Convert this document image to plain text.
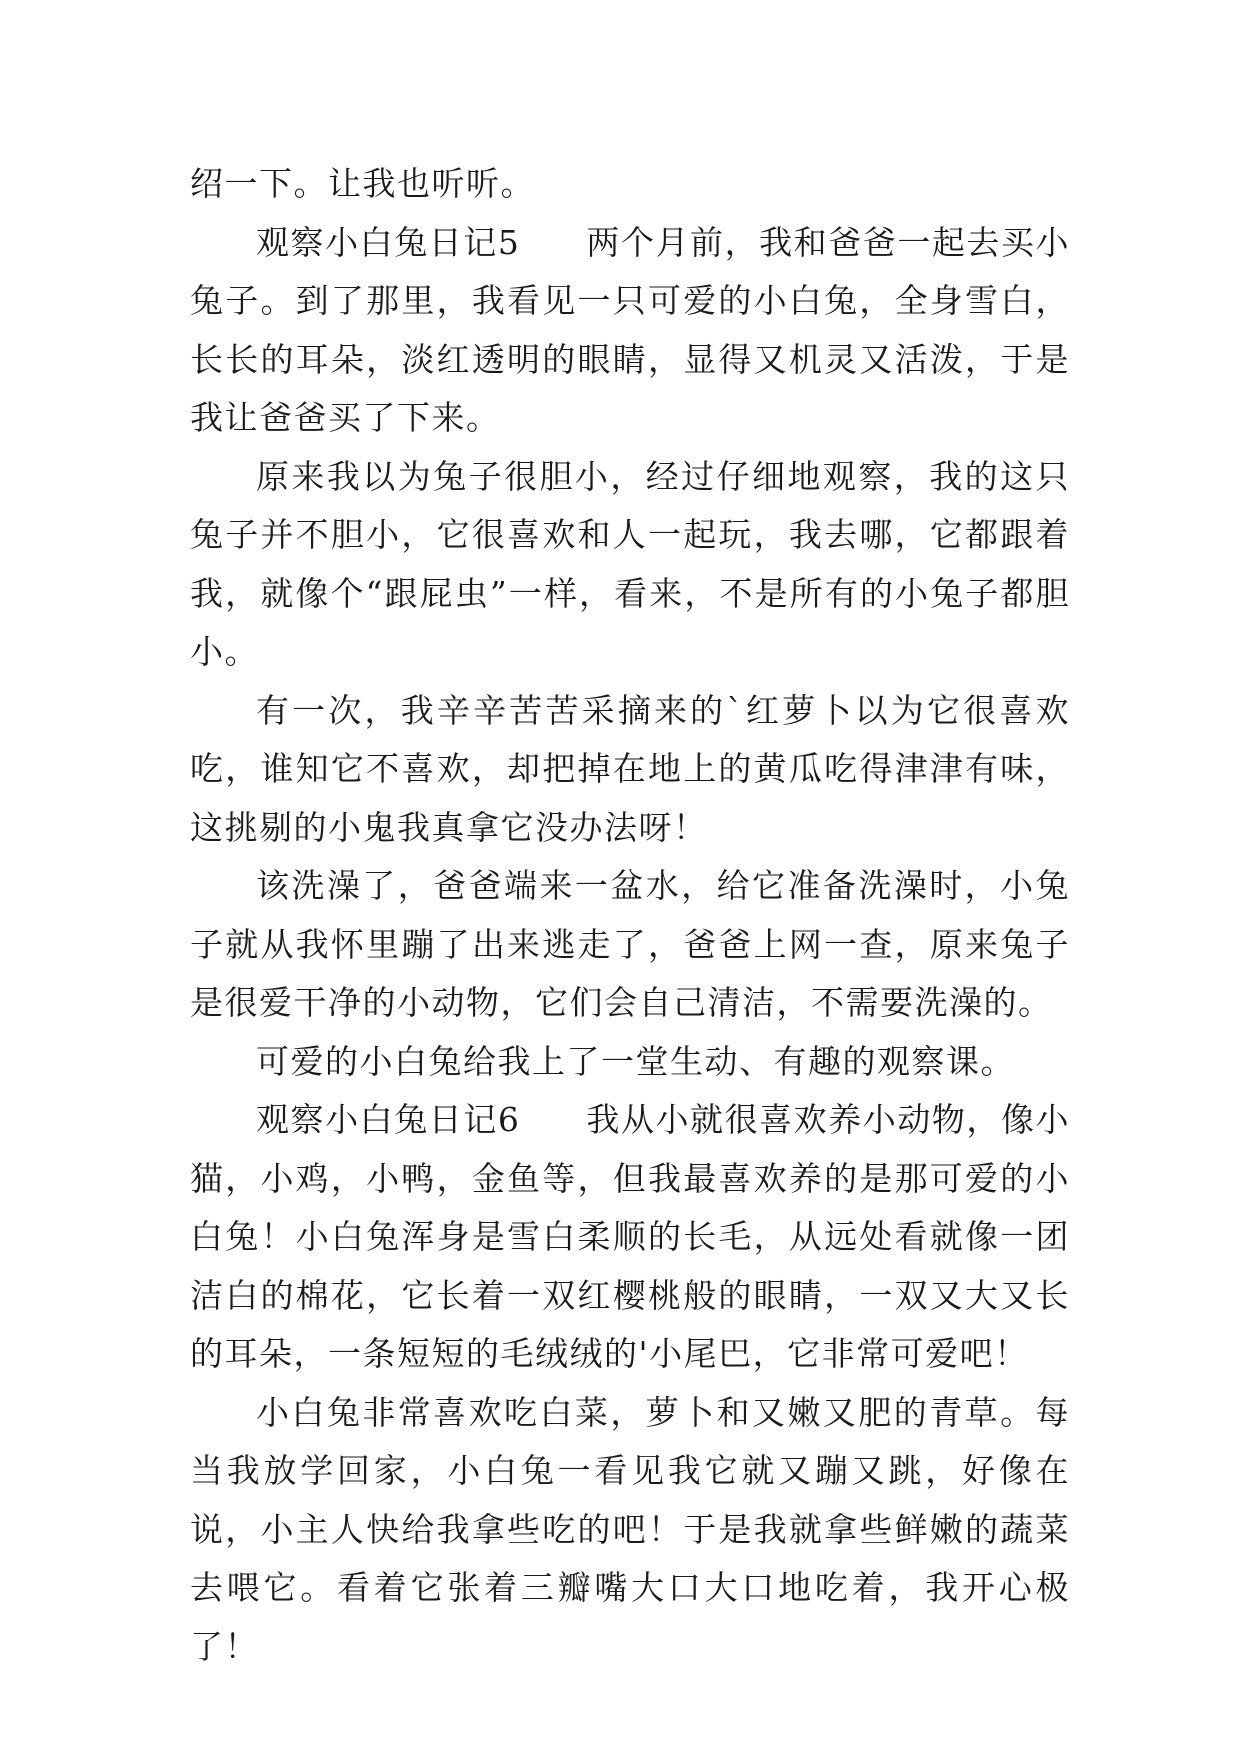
绍一下。让我也听听。

观察小白兔日记5 两个月前，我和爸爸一起去买小兔子。到了那里，我看见一只可爱的小白兔，全身雪白，长长的耳朵，淡红透明的眼睛，显得又机灵又活泼，于是我让爸爸买了下来。

原来我以为兔子很胆小，经过仔细地观察，我的这只兔子并不胆小，它很喜欢和人一起玩，我去哪，它都跟着我，就像个“跟屁虫”一样，看来，不是所有的小兔子都胆小。

有一次，我辛辛苦苦采摘来的`红萝卜以为它很喜欢吃，谁知它不喜欢，却把掉在地上的黄瓜吃得津津有味，这挑剔的小鬼我真拿它没办法呀！

该洗澡了，爸爸端来一盆水，给它准备洗澡时，小兔子就从我怀里蹦了出来逃走了，爸爸上网一查，原来兔子是很爱干净的小动物，它们会自己清洁，不需要洗澡的。

可爱的小白兔给我上了一堂生动、有趣的观察课。

观察小白兔日记6 我从小就很喜欢养小动物，像小猫，小鸡，小鸭，金鱼等，但我最喜欢养的是那可爱的小白兔！小白兔浑身是雪白柔顺的长毛，从远处看就像一团洁白的棉花，它长着一双红樱桃般的眼睛，一双又大又长的耳朵，一条短短的毛绒绒的'小尾巴，它非常可爱吧！

小白兔非常喜欢吃白菜，萝卜和又嫩又肥的青草。每当我放学回家，小白兔一看见我它就又蹦又跳，好像在说，小主人快给我拿些吃的吧！于是我就拿些鲜嫩的蔬菜去喂它。看着它张着三瓣嘴大口大口地吃着，我开心极了！
